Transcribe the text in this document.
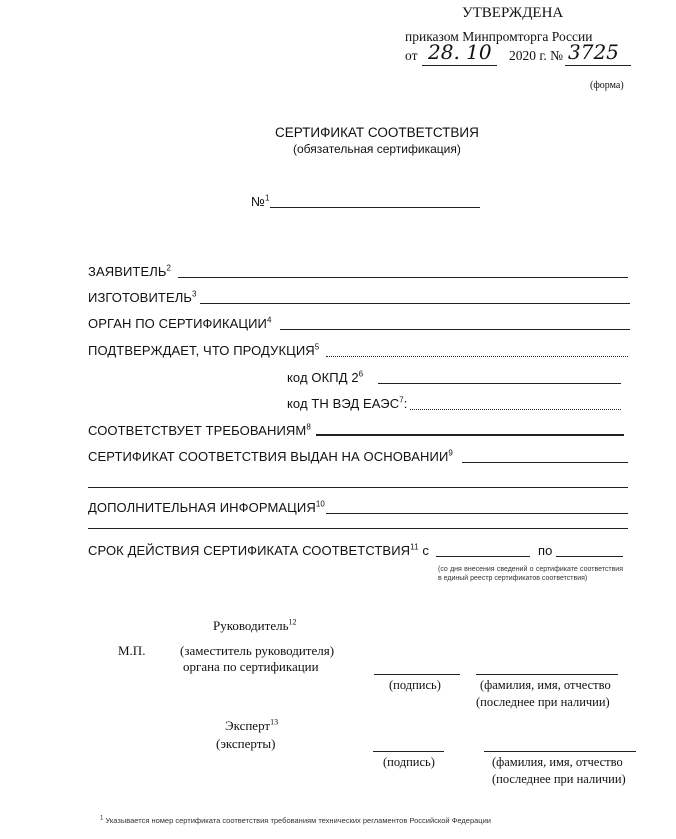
УТВЕРЖДЕНА
приказом Минпромторга России
от 28. 10 2020 г. № 3725
(форма)
СЕРТИФИКАТ СООТВЕТСТВИЯ
(обязательная сертификация)
№$^1$
ЗАЯВИТЕЛЬ$^2$
ИЗГОТОВИТЕЛЬ$^3$
ОРГАН ПО СЕРТИФИКАЦИИ$^4$
ПОДТВЕРЖДАЕТ, ЧТО ПРОДУКЦИЯ$^5$
код ОКПД $2^6$
код ТН ВЭД ЕАЭС$^7$:
СООТВЕТСТВУЕТ ТРЕБОВАНИЯМ$^8$
СЕРТИФИКАТ СООТВЕТСТВИЯ ВЫДАН НА ОСНОВАНИИ$^9$
ДОПОЛНИТЕЛЬНАЯ ИНФОРМАЦИЯ$^{10}$
СРОК ДЕЙСТВИЯ СЕРТИФИКАТА СООТВЕТСТВИЯ$^{11}$ с	по
(со дня внесения сведений о сертификате соответствия в единый реестр сертификатов соответствия)
Руководитель$^{12}$
М.П.	(заместитель руководителя)
органа по сертификации
(подпись)	(фамилия, имя, отчество
(последнее при наличии)
Эксперт$^{13}$
(эксперты)
(подпись)	(фамилия, имя, отчество
(последнее при наличии)
$^1$ Указывается номер сертификата соответствия требованиям технических регламентов Российской Федерации
